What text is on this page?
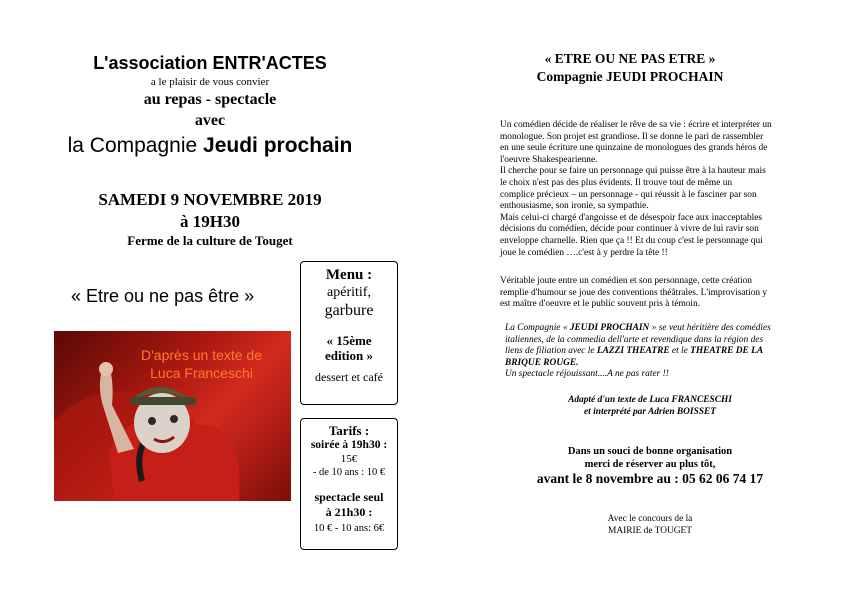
L'association ENTR'ACTES
a le plaisir de vous convier
au repas - spectacle
avec
la Compagnie Jeudi prochain
SAMEDI 9 NOVEMBRE 2019
à 19H30
Ferme de la culture de Touget
« Etre ou ne pas être »
D'après un texte de
Luca Franceschi
Menu :
apéritif,
garbure
« 15ème
edition »
dessert et café
Tarifs :
soirée à 19h30 :
15€
- de 10 ans : 10 €
spectacle seul
à 21h30 :
10 € - 10 ans: 6€
« ETRE OU NE PAS ETRE »
Compagnie JEUDI PROCHAIN

Un comédien décide de réaliser le rêve de sa vie : écrire et interpréter un
monologue. Son projet est grandiose. Il se donne le pari de rassembler
en une seule écriture une quinzaine de monologues des grands héros de
l'oeuvre Shakespearienne.
Il cherche pour se faire un personnage qui puisse être à la hauteur mais
le choix n'est pas des plus évidents. Il trouve tout de même un
complice précieux – un personnage - qui réussit à le fasciner par son
enthousiasme, son ironie, sa sympathie.
Mais celui-ci chargé d'angoisse et de désespoir face aux inacceptables
décisions du comédien, décide pour continuer à vivre de lui ravir son
enveloppe charnelle. Rien que ça !! Et du coup c'est le personnage qui
joue le comédien ….c'est à y perdre la tête !!

Véritable joute entre un comédien et son personnage, cette création
remplie d'humour se joue des conventions théâtrales. L'improvisation y
est maître d'oeuvre et le public souvent pris à témoin.

La Compagnie « JEUDI PROCHAIN » se veut héritière des comédies
italiennes, de la commedia dell'arte et revendique dans la région des
liens de filiation avec le LAZZI THEATRE et le THEATRE DE LA
BRIQUE ROUGE.
Un spectacle réjouissant....A ne pas rater !!
Adapté d'un texte de Luca FRANCESCHI
et interprété par Adrien BOISSET
Dans un souci de bonne organisation
merci de réserver au plus tôt,
avant le 8 novembre au : 05 62 06 74 17
Avec le concours de la
MAIRIE de TOUGET
